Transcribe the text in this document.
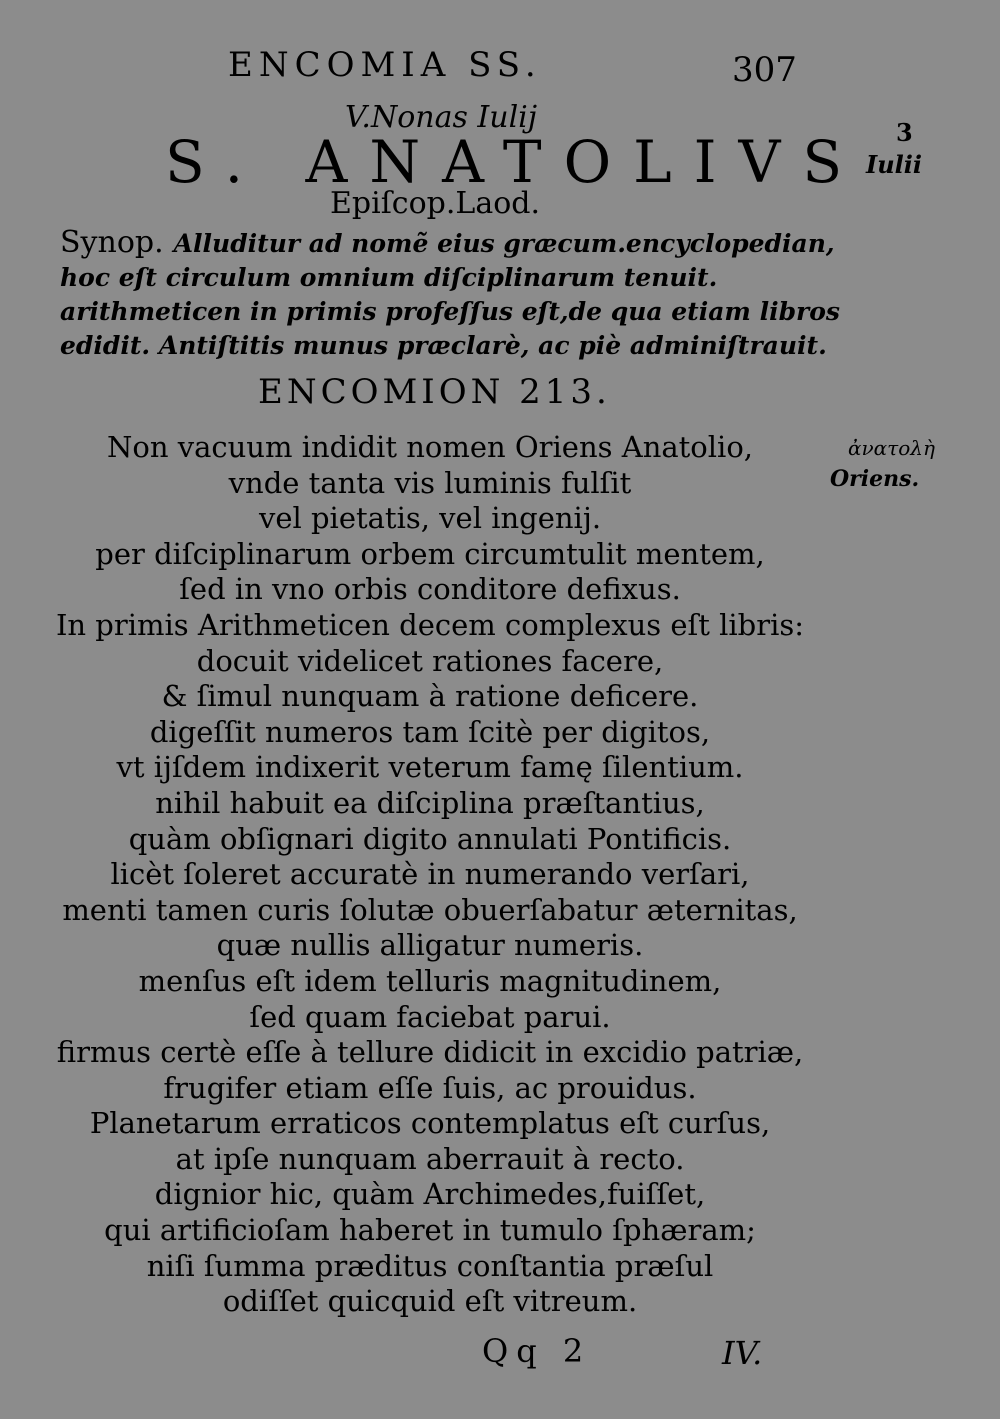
ENCOMIA SS.	307
V.Nonas Iulij
S. ANATOLIVS
Epiſcop.Laod.
3
Iulii
Synop. Alluditur ad nomẽ eius græcum.encyclopedian, hoc eſt circulum omnium diſciplinarum tenuit. arithmeticen in primis profeſſus eſt,de qua etiam libros edidit. Antiſtitis munus præclarè, ac piè adminiſtrauit.
ENCOMION 213.
ἀνατολὴ
Oriens.
Non vacuum indidit nomen Oriens Anatolio,
vnde tanta vis luminis fulſit
vel pietatis, vel ingenij.
per diſciplinarum orbem circumtulit mentem,
ſed in vno orbis conditore defixus.
In primis Arithmeticen decem complexus eſt libris:
docuit videlicet rationes facere,
& ſimul nunquam à ratione deficere.
digeſſit numeros tam ſcitè per digitos,
vt ijſdem indixerit veterum famę ſilentium.
nihil habuit ea diſciplina præſtantius,
quàm obſignari digito annulati Pontificis.
licèt ſoleret accuratè in numerando verſari,
menti tamen curis ſolutæ obuerſabatur æternitas,
quæ nullis alligatur numeris.
menſus eſt idem telluris magnitudinem,
ſed quam faciebat parui.
firmus certè eſſe à tellure didicit in excidio patriæ,
frugifer etiam eſſe ſuis, ac prouidus.
Planetarum erraticos contemplatus eſt curſus,
at ipſe nunquam aberrauit à recto.
dignior hic, quàm Archimedes,fuiſſet,
qui artificioſam haberet in tumulo ſphæram;
niſi ſumma præditus conſtantia præſul
odiſſet quicquid eſt vitreum.
Qq 2	IV.
